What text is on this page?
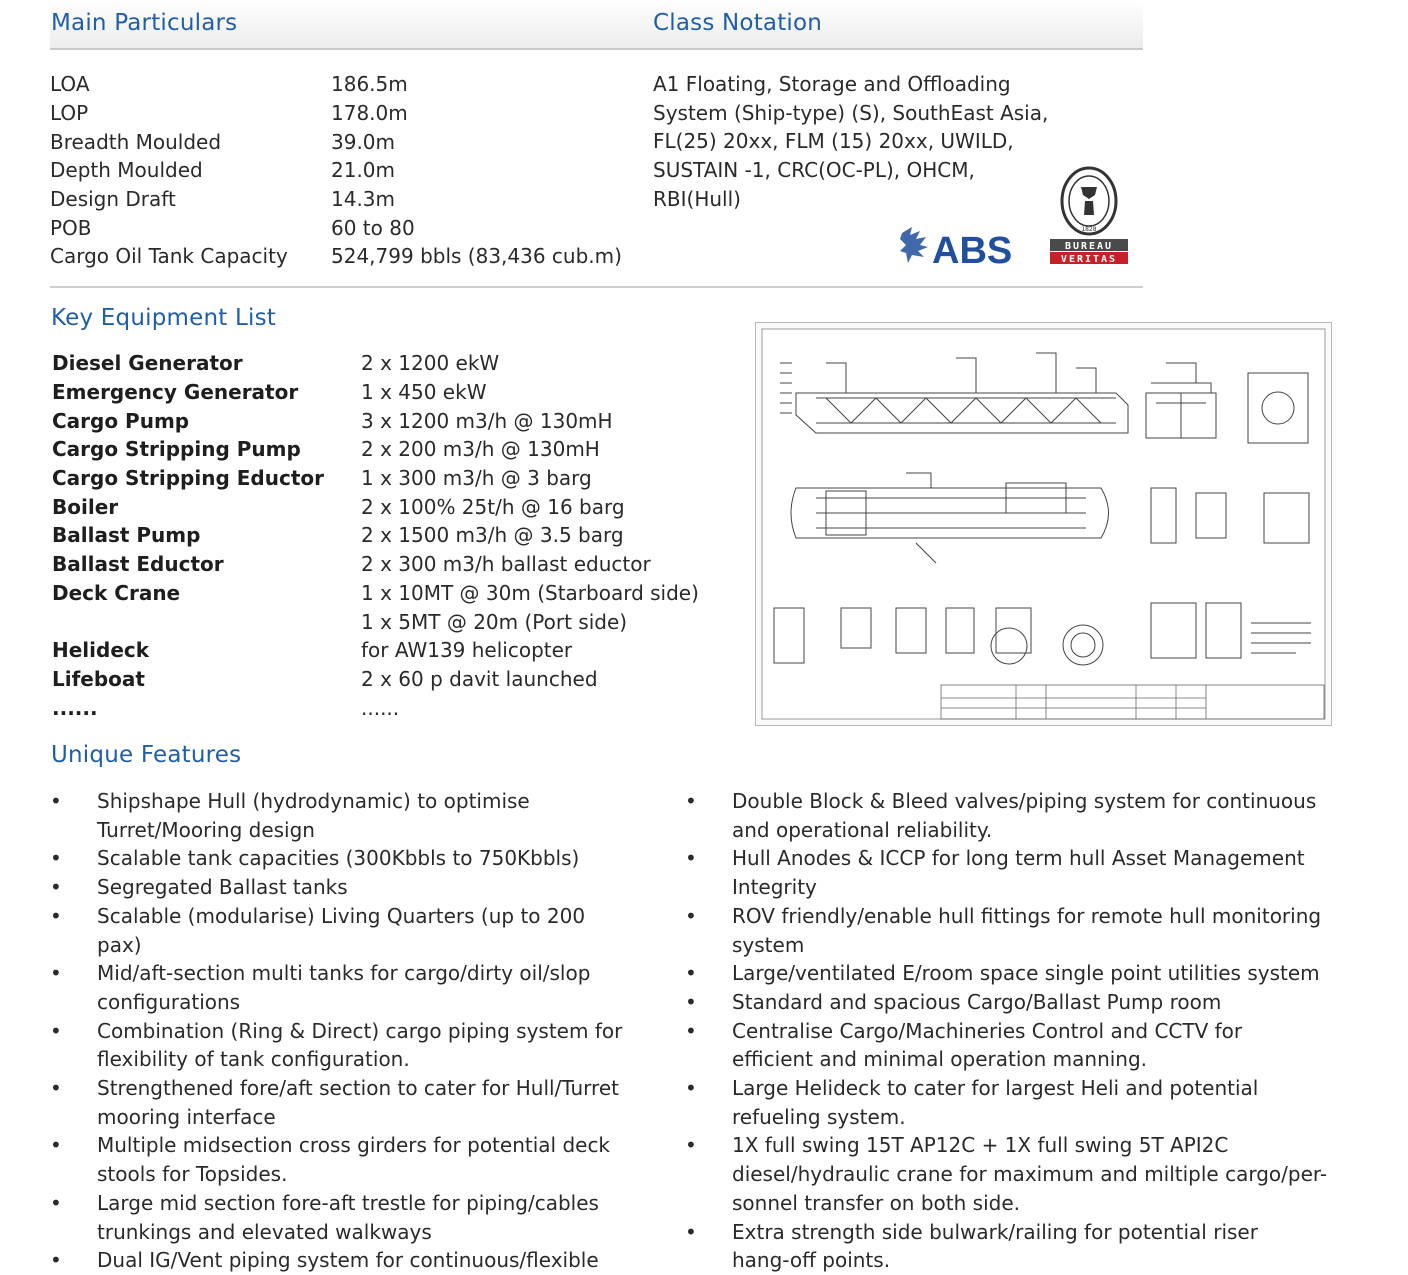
Main Particulars	Class Notation
LOA	186.5m
LOP	178.0m
Breadth Moulded	39.0m
Depth Moulded	21.0m
Design Draft	14.3m
POB	60 to 80
Cargo Oil Tank Capacity	524,799 bbls (83,436 cub.m)
A1 Floating, Storage and Offloading
System (Ship-type) (S), SouthEast Asia,
FL(25) 20xx, FLM (15) 20xx, UWILD,
SUSTAIN -1, CRC(OC-PL), OHCM,
RBI(Hull)
ABS
1828
BUREAU
VERITAS
Key Equipment List
Diesel Generator	2 x 1200 ekW
Emergency Generator	1 x 450 ekW
Cargo Pump	3 x 1200 m3/h @ 130mH
Cargo Stripping Pump	2 x 200 m3/h @ 130mH
Cargo Stripping Eductor	1 x 300 m3/h @ 3 barg
Boiler	2 x 100% 25t/h @ 16 barg
Ballast Pump	2 x 1500 m3/h @ 3.5 barg
Ballast Eductor	2 x 300 m3/h ballast eductor
Deck Crane	1 x 10MT @ 30m (Starboard side)
1 x 5MT @ 20m (Port side)
Helideck	for AW139 helicopter
Lifeboat	2 x 60 p davit launched
......	......
Unique Features
•	Shipshape Hull (hydrodynamic) to optimise
Turret/Mooring design
•	Scalable tank capacities (300Kbbls to 750Kbbls)
•	Segregated Ballast tanks
•	Scalable (modularise) Living Quarters (up to 200
pax)
•	Mid/aft-section multi tanks for cargo/dirty oil/slop
configurations
•	Combination (Ring & Direct) cargo piping system for
flexibility of tank configuration.
•	Strengthened fore/aft section to cater for Hull/Turret
mooring interface
•	Multiple midsection cross girders for potential deck
stools for Topsides.
•	Large mid section fore-aft trestle for piping/cables
trunkings and elevated walkways
•	Dual IG/Vent piping system for continuous/flexible
•	Double Block & Bleed valves/piping system for continuous
and operational reliability.
•	Hull Anodes & ICCP for long term hull Asset Management
Integrity
•	ROV friendly/enable hull fittings for remote hull monitoring
system
•	Large/ventilated E/room space single point utilities system
•	Standard and spacious Cargo/Ballast Pump room
•	Centralise Cargo/Machineries Control and CCTV for
efficient and minimal operation manning.
•	Large Helideck to cater for largest Heli and potential
refueling system.
•	1X full swing 15T AP12C + 1X full swing 5T API2C
diesel/hydraulic crane for maximum and miltiple cargo/per-
sonnel transfer on both side.
•	Extra strength side bulwark/railing for potential riser
hang-off points.
